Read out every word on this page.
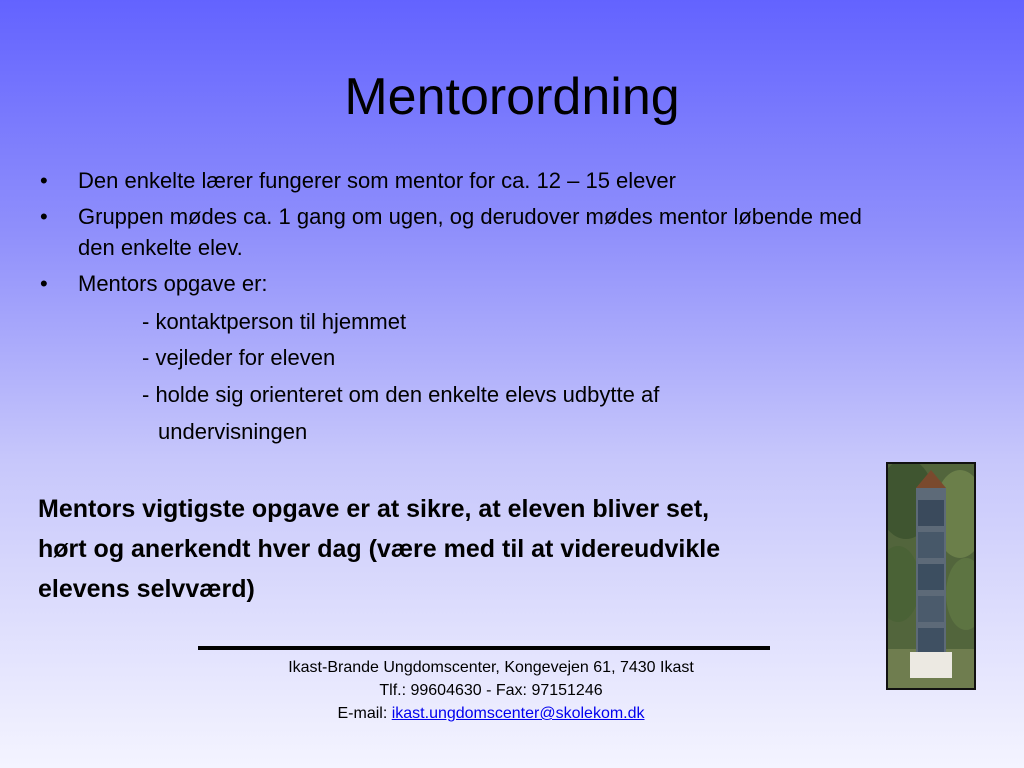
Mentorordning
• Den enkelte lærer fungerer som mentor for ca. 12 – 15 elever
• Gruppen mødes ca. 1 gang om ugen, og derudover mødes mentor løbende med den enkelte elev.
• Mentors opgave er:
- kontaktperson til hjemmet
- vejleder for eleven
- holde sig orienteret om den enkelte elevs udbytte af
undervisningen
Mentors vigtigste opgave er at sikre, at eleven bliver set,
hørt og anerkendt hver dag (være med til at videreudvikle
elevens selvværd)
Ikast-Brande Ungdomscenter, Kongevejen 61, 7430 Ikast
Tlf.: 99604630 - Fax: 97151246
E-mail: ikast.ungdomscenter@skolekom.dk
